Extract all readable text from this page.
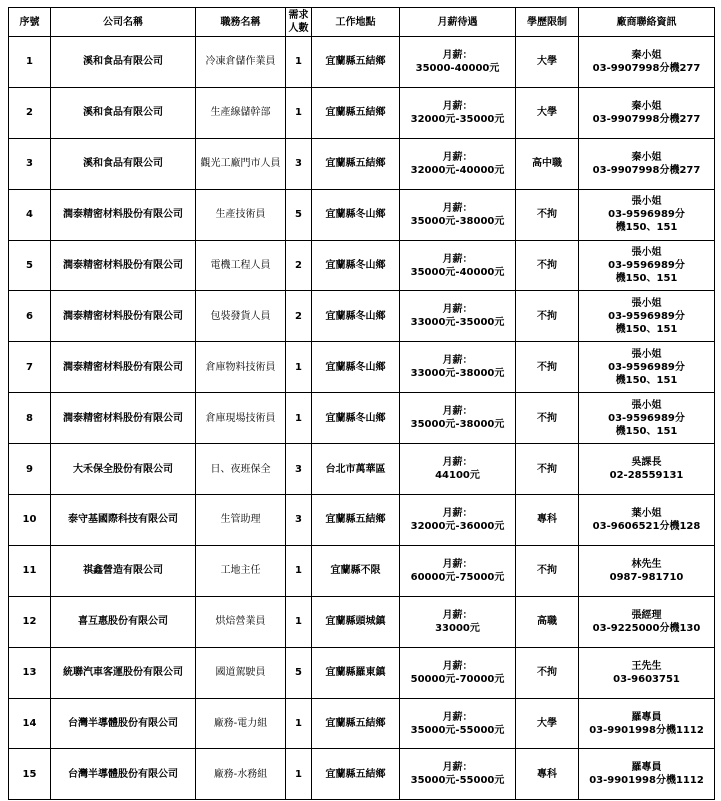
序號	公司名稱	職務名稱	需求人數	工作地點	月薪待遇	學歷限制	廠商聯絡資訊
1	溪和食品有限公司	冷凍倉儲作業員	1	宜蘭縣五結鄉	月薪：
35000-40000元	大學	秦小姐
03-9907998分機277

2	溪和食品有限公司	生產線儲幹部	1	宜蘭縣五結鄉	月薪：
32000元-35000元	大學	秦小姐
03-9907998分機277

3	溪和食品有限公司	觀光工廠門市人員	3	宜蘭縣五結鄉	月薪：
32000元-40000元	高中職	秦小姐
03-9907998分機277

4	潤泰精密材料股份有限公司	生產技術員	5	宜蘭縣冬山鄉	月薪：
35000元-38000元	不拘	張小姐
03-9596989分
機150、151

5	潤泰精密材料股份有限公司	電機工程人員	2	宜蘭縣冬山鄉	月薪：
35000元-40000元	不拘	張小姐
03-9596989分
機150、151

6	潤泰精密材料股份有限公司	包裝發貨人員	2	宜蘭縣冬山鄉	月薪：
33000元-35000元	不拘	張小姐
03-9596989分
機150、151

7	潤泰精密材料股份有限公司	倉庫物料技術員	1	宜蘭縣冬山鄉	月薪：
33000元-38000元	不拘	張小姐
03-9596989分
機150、151

8	潤泰精密材料股份有限公司	倉庫現場技術員	1	宜蘭縣冬山鄉	月薪：
35000元-38000元	不拘	張小姐
03-9596989分
機150、151

9	大禾保全股份有限公司	日、夜班保全	3	台北市萬華區	月薪：
44100元	不拘	吳課長
02-28559131

10	泰守基國際科技有限公司	生管助理	3	宜蘭縣五結鄉	月薪：
32000元-36000元	專科	葉小姐
03-9606521分機128

11	祺鑫營造有限公司	工地主任	1	宜蘭縣不限	月薪：
60000元-75000元	不拘	林先生
0987-981710

12	喜互惠股份有限公司	烘焙營業員	1	宜蘭縣頭城鎮	月薪：
33000元	高職	張經理
03-9225000分機130

13	統聯汽車客運股份有限公司	國道駕駛員	5	宜蘭縣羅東鎮	月薪：
50000元-70000元	不拘	王先生
03-9603751

14	台灣半導體股份有限公司	廠務-電力組	1	宜蘭縣五結鄉	月薪：
35000元-55000元	大學	羅專員
03-9901998分機1112

15	台灣半導體股份有限公司	廠務-水務組	1	宜蘭縣五結鄉	月薪：
35000元-55000元	專科	羅專員
03-9901998分機1112
